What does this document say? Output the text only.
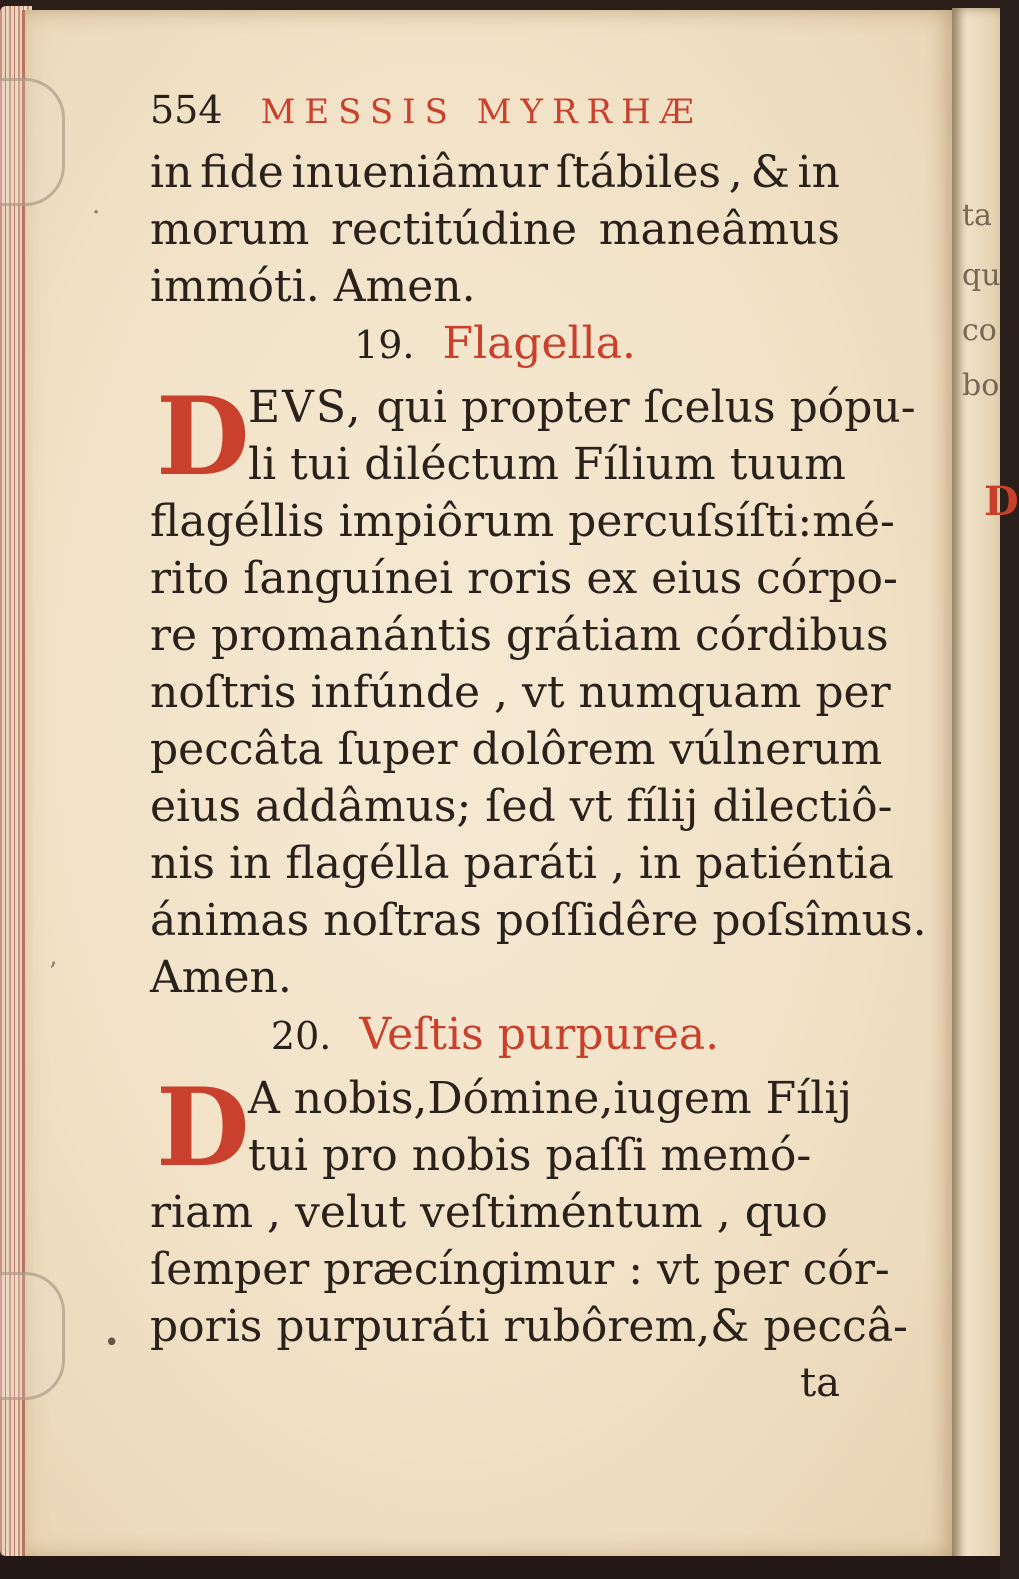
ta
qu
co
bo
D
·
ʼ
•
554 MESSIS MYRRHÆ
in fide inueniâmur ſtábiles , & in
morum rectitúdine maneâmus
immóti. Amen.
19. Flagella.
D
EVS, qui propter ſcelus pópu-
li tui diléctum Fílium tuum
flagéllis impiôrum percuſsíſti:mé-
rito ſanguínei roris ex eius córpo-
re promanántis grátiam córdibus
noſtris infúnde , vt numquam per
peccâta ſuper dolôrem vúlnerum
eius addâmus; ſed vt fílij dilectiô-
nis in flagélla paráti , in patiéntia
ánimas noſtras poſſidêre poſsîmus.
Amen.
20. Veſtis purpurea.
D
A nobis,Dómine,iugem Fílij
tui pro nobis paſſi memó-
riam , velut veſtiméntum , quo
ſemper præcíngimur : vt per cór-
poris purpuráti rubôrem,& peccâ-
ta
